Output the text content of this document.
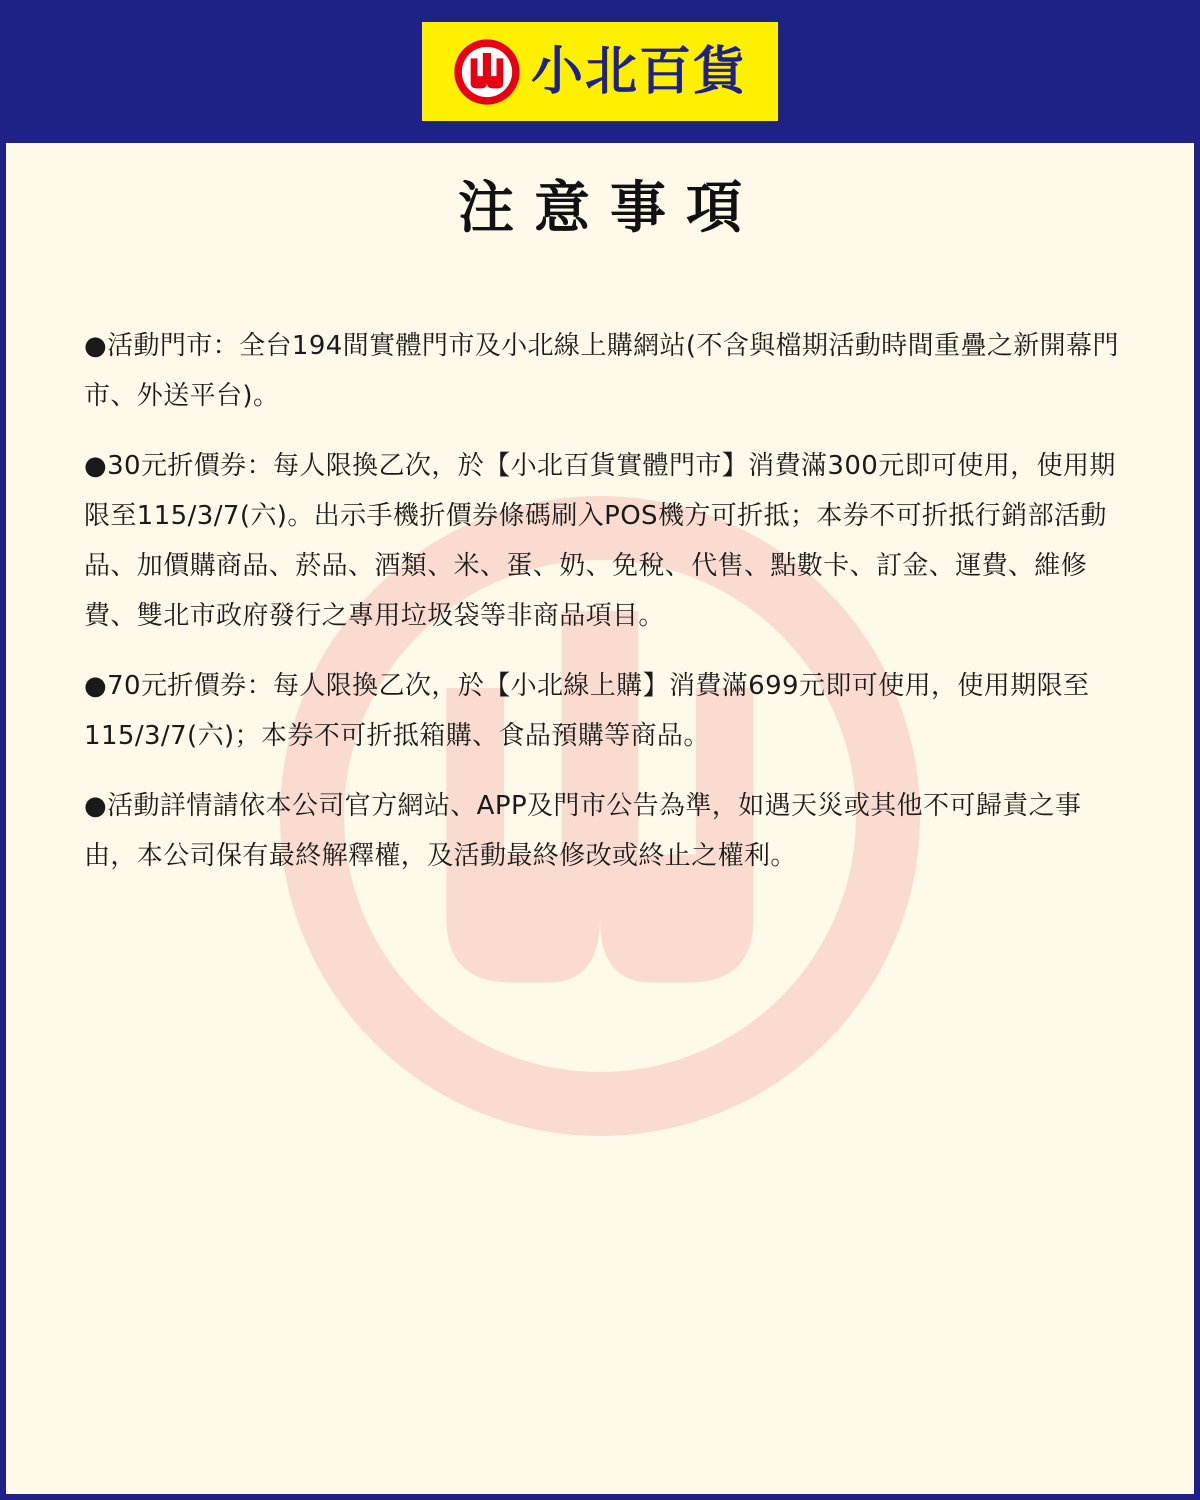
小北百貨
注意事項
●活動門市：全台194間實體門市及小北線上購網站(不含與檔期活動時間重疊之新開幕門市、外送平台)。
●30元折價券：每人限換乙次，於【小北百貨實體門市】消費滿300元即可使用，使用期限至115/3/7(六)。出示手機折價券條碼刷入POS機方可折抵；本券不可折抵行銷部活動品、加價購商品、菸品、酒類、米、蛋、奶、免稅、代售、點數卡、訂金、運費、維修費、雙北市政府發行之專用垃圾袋等非商品項目。
●70元折價券：每人限換乙次，於【小北線上購】消費滿699元即可使用，使用期限至115/3/7(六)；本券不可折抵箱購、食品預購等商品。
●活動詳情請依本公司官方網站、APP及門市公告為準，如遇天災或其他不可歸責之事由，本公司保有最終解釋權，及活動最終修改或終止之權利。
